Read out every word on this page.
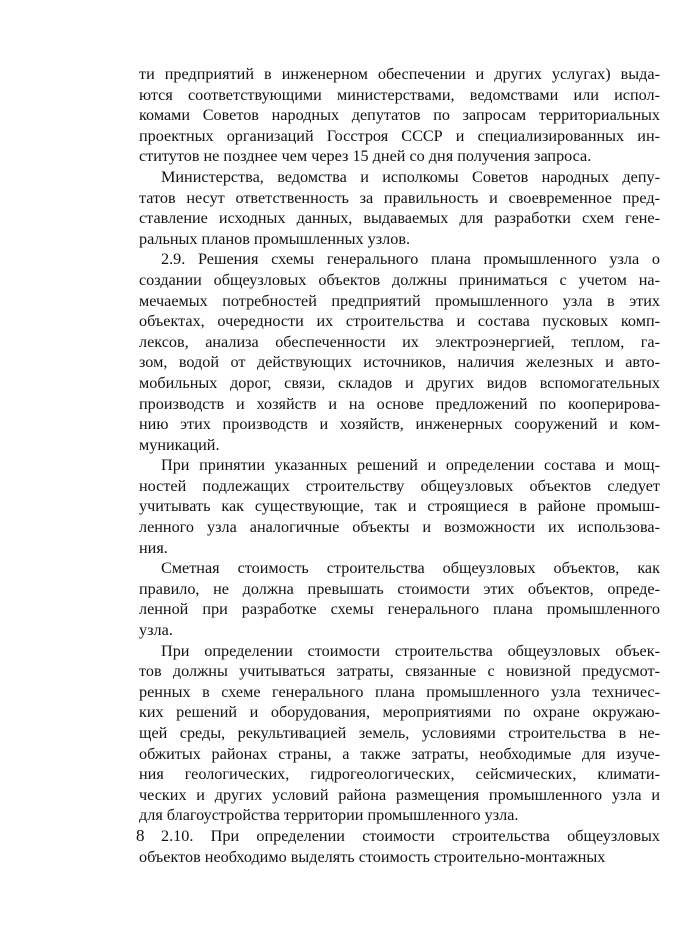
ти предприятий в инженерном обеспечении и других услугах) выда-
ются соответствующими министерствами, ведомствами или испол-
комами Советов народных депутатов по запросам территориальных
проектных организаций Госстроя СССР и специализированных ин-
ститутов не позднее чем через 15 дней со дня получения запроса.
Министерства, ведомства и исполкомы Советов народных депу-
татов несут ответственность за правильность и своевременное пред-
ставление исходных данных, выдаваемых для разработки схем гене-
ральных планов промышленных узлов.
2.9. Решения схемы генерального плана промышленного узла о
создании общеузловых объектов должны приниматься с учетом на-
мечаемых потребностей предприятий промышленного узла в этих
объектах, очередности их строительства и состава пусковых комп-
лексов, анализа обеспеченности их электроэнергией, теплом, га-
зом, водой от действующих источников, наличия железных и авто-
мобильных дорог, связи, складов и других видов вспомогательных
производств и хозяйств и на основе предложений по кооперирова-
нию этих производств и хозяйств, инженерных сооружений и ком-
муникаций.
При принятии указанных решений и определении состава и мощ-
ностей подлежащих строительству общеузловых объектов следует
учитывать как существующие, так и строящиеся в районе промыш-
ленного узла аналогичные объекты и возможности их использова-
ния.
Сметная стоимость строительства общеузловых объектов, как
правило, не должна превышать стоимости этих объектов, опреде-
ленной при разработке схемы генерального плана промышленного
узла.
При определении стоимости строительства общеузловых объек-
тов должны учитываться затраты, связанные с новизной предусмот-
ренных в схеме генерального плана промышленного узла техничес-
ких решений и оборудования, мероприятиями по охране окружаю-
щей среды, рекультивацией земель, условиями строительства в не-
обжитых районах страны, а также затраты, необходимые для изуче-
ния геологических, гидрогеологических, сейсмических, климати-
ческих и других условий района размещения промышленного узла и
для благоустройства территории промышленного узла.
2.10. При определении стоимости строительства общеузловых
объектов необходимо выделять стоимость строительно-монтажных
8
